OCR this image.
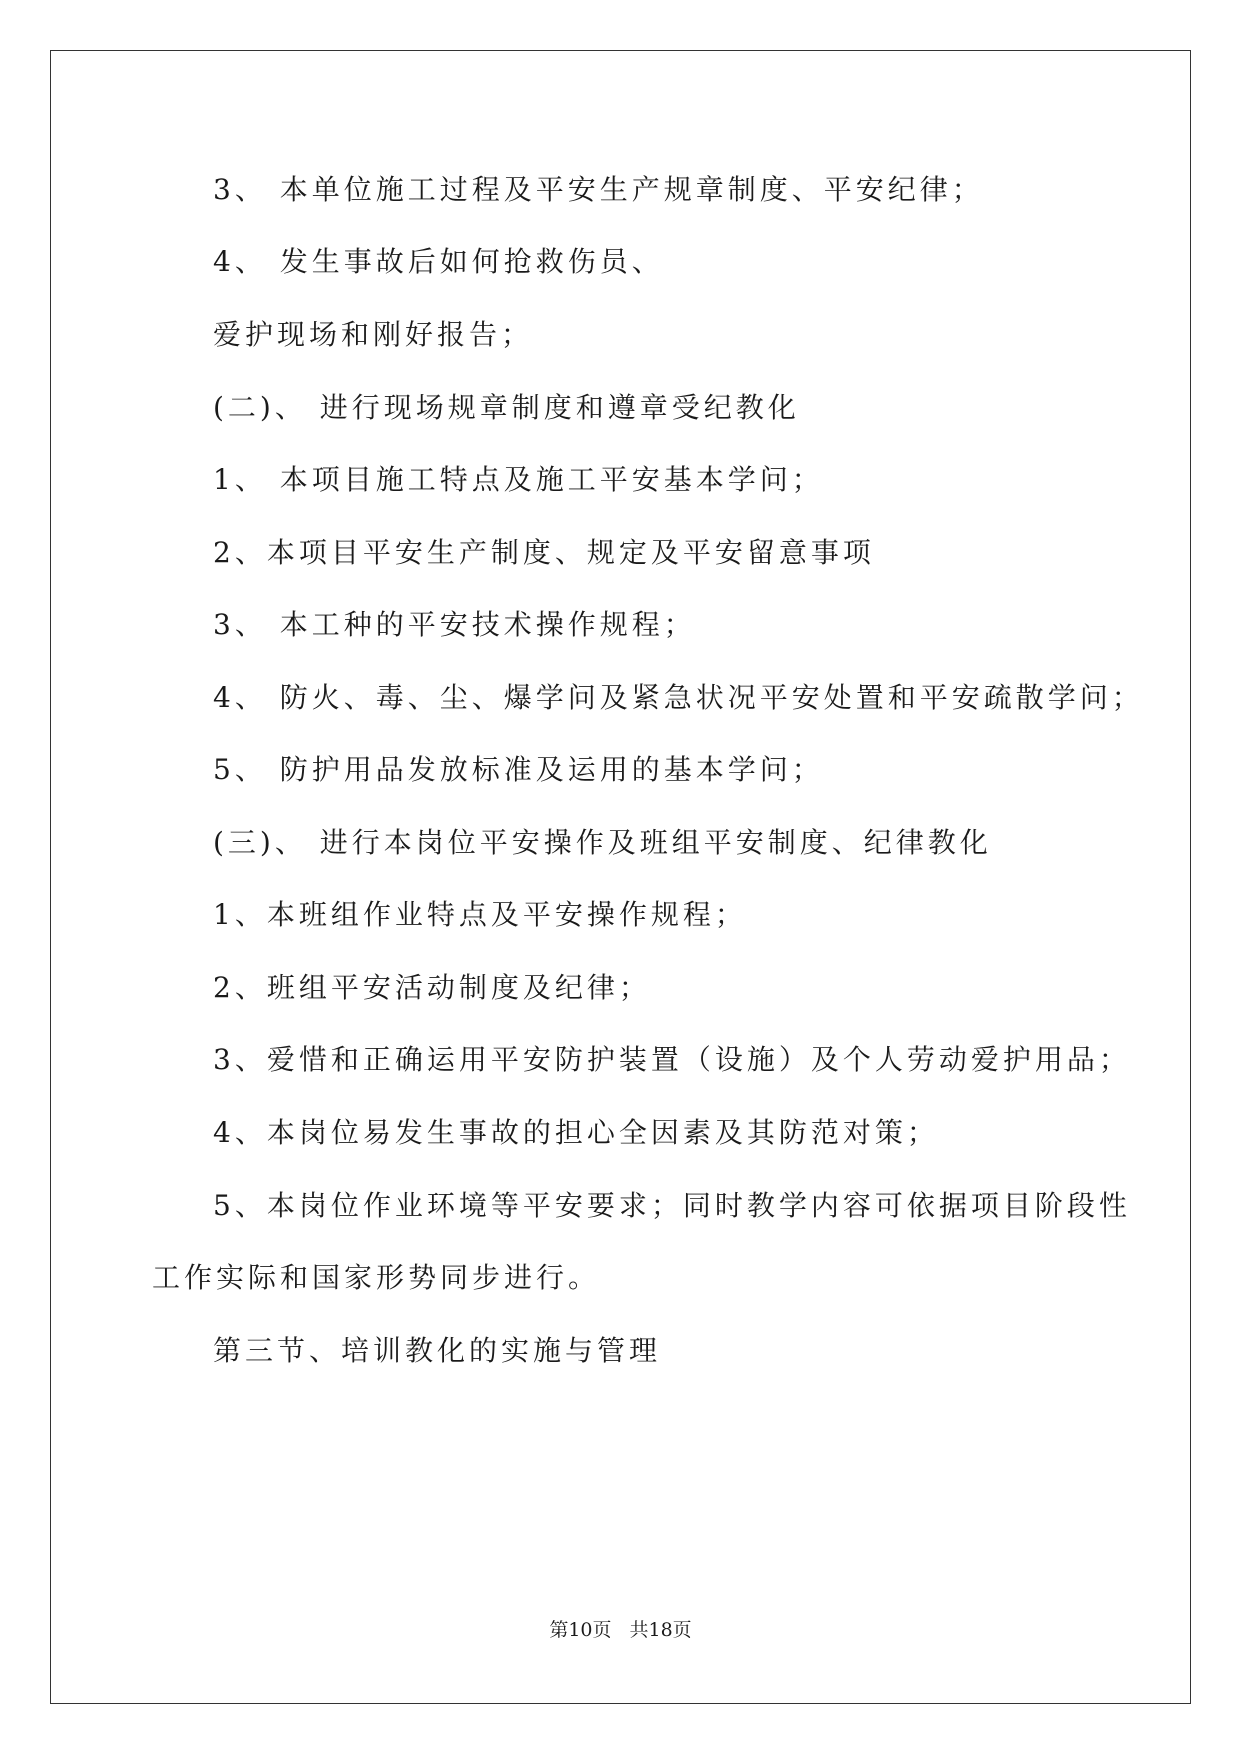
3、 本单位施工过程及平安生产规章制度、平安纪律；
4、 发生事故后如何抢救伤员、
爱护现场和刚好报告；
(二)、 进行现场规章制度和遵章受纪教化
1、 本项目施工特点及施工平安基本学问；
2、本项目平安生产制度、规定及平安留意事项
3、 本工种的平安技术操作规程；
4、 防火、毒、尘、爆学问及紧急状况平安处置和平安疏散学问；
5、 防护用品发放标准及运用的基本学问；
(三)、 进行本岗位平安操作及班组平安制度、纪律教化
1、本班组作业特点及平安操作规程；
2、班组平安活动制度及纪律；
3、爱惜和正确运用平安防护装置（设施）及个人劳动爱护用品；
4、本岗位易发生事故的担心全因素及其防范对策；
5、本岗位作业环境等平安要求；同时教学内容可依据项目阶段性
工作实际和国家形势同步进行。
第三节、培训教化的实施与管理
第10页 共18页
